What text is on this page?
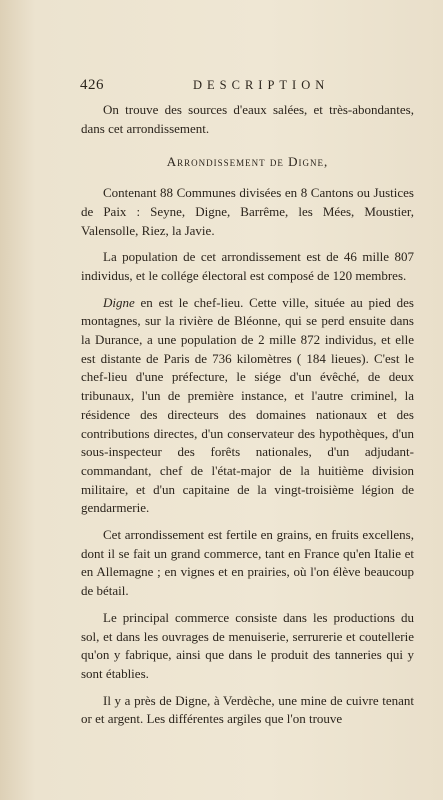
426	DESCRIPTION

On trouve des sources d'eaux salées, et très-abondantes, dans cet arrondissement.

Arrondissement de Digne,

Contenant 88 Communes divisées en 8 Cantons ou Justices de Paix : Seyne, Digne, Barrême, les Mées, Moustier, Valensolle, Riez, la Javie.

La population de cet arrondissement est de 46 mille 807 individus, et le collége électoral est composé de 120 membres.

Digne en est le chef-lieu. Cette ville, située au pied des montagnes, sur la rivière de Bléonne, qui se perd ensuite dans la Durance, a une population de 2 mille 872 individus, et elle est distante de Paris de 736 kilomètres ( 184 lieues). C'est le chef-lieu d'une préfecture, le siége d'un évêché, de deux tribunaux, l'un de première instance, et l'autre criminel, la résidence des directeurs des domaines nationaux et des contributions directes, d'un conservateur des hypothèques, d'un sous-inspecteur des forêts nationales, d'un adjudant-commandant, chef de l'état-major de la huitième division militaire, et d'un capitaine de la vingt-troisième légion de gendarmerie.

Cet arrondissement est fertile en grains, en fruits excellens, dont il se fait un grand commerce, tant en France qu'en Italie et en Allemagne ; en vignes et en prairies, où l'on élève beaucoup de bétail.

Le principal commerce consiste dans les productions du sol, et dans les ouvrages de menuiserie, serrurerie et coutellerie qu'on y fabrique, ainsi que dans le produit des tanneries qui y sont établies.

Il y a près de Digne, à Verdèche, une mine de cuivre tenant or et argent. Les différentes argiles que l'on trouve
